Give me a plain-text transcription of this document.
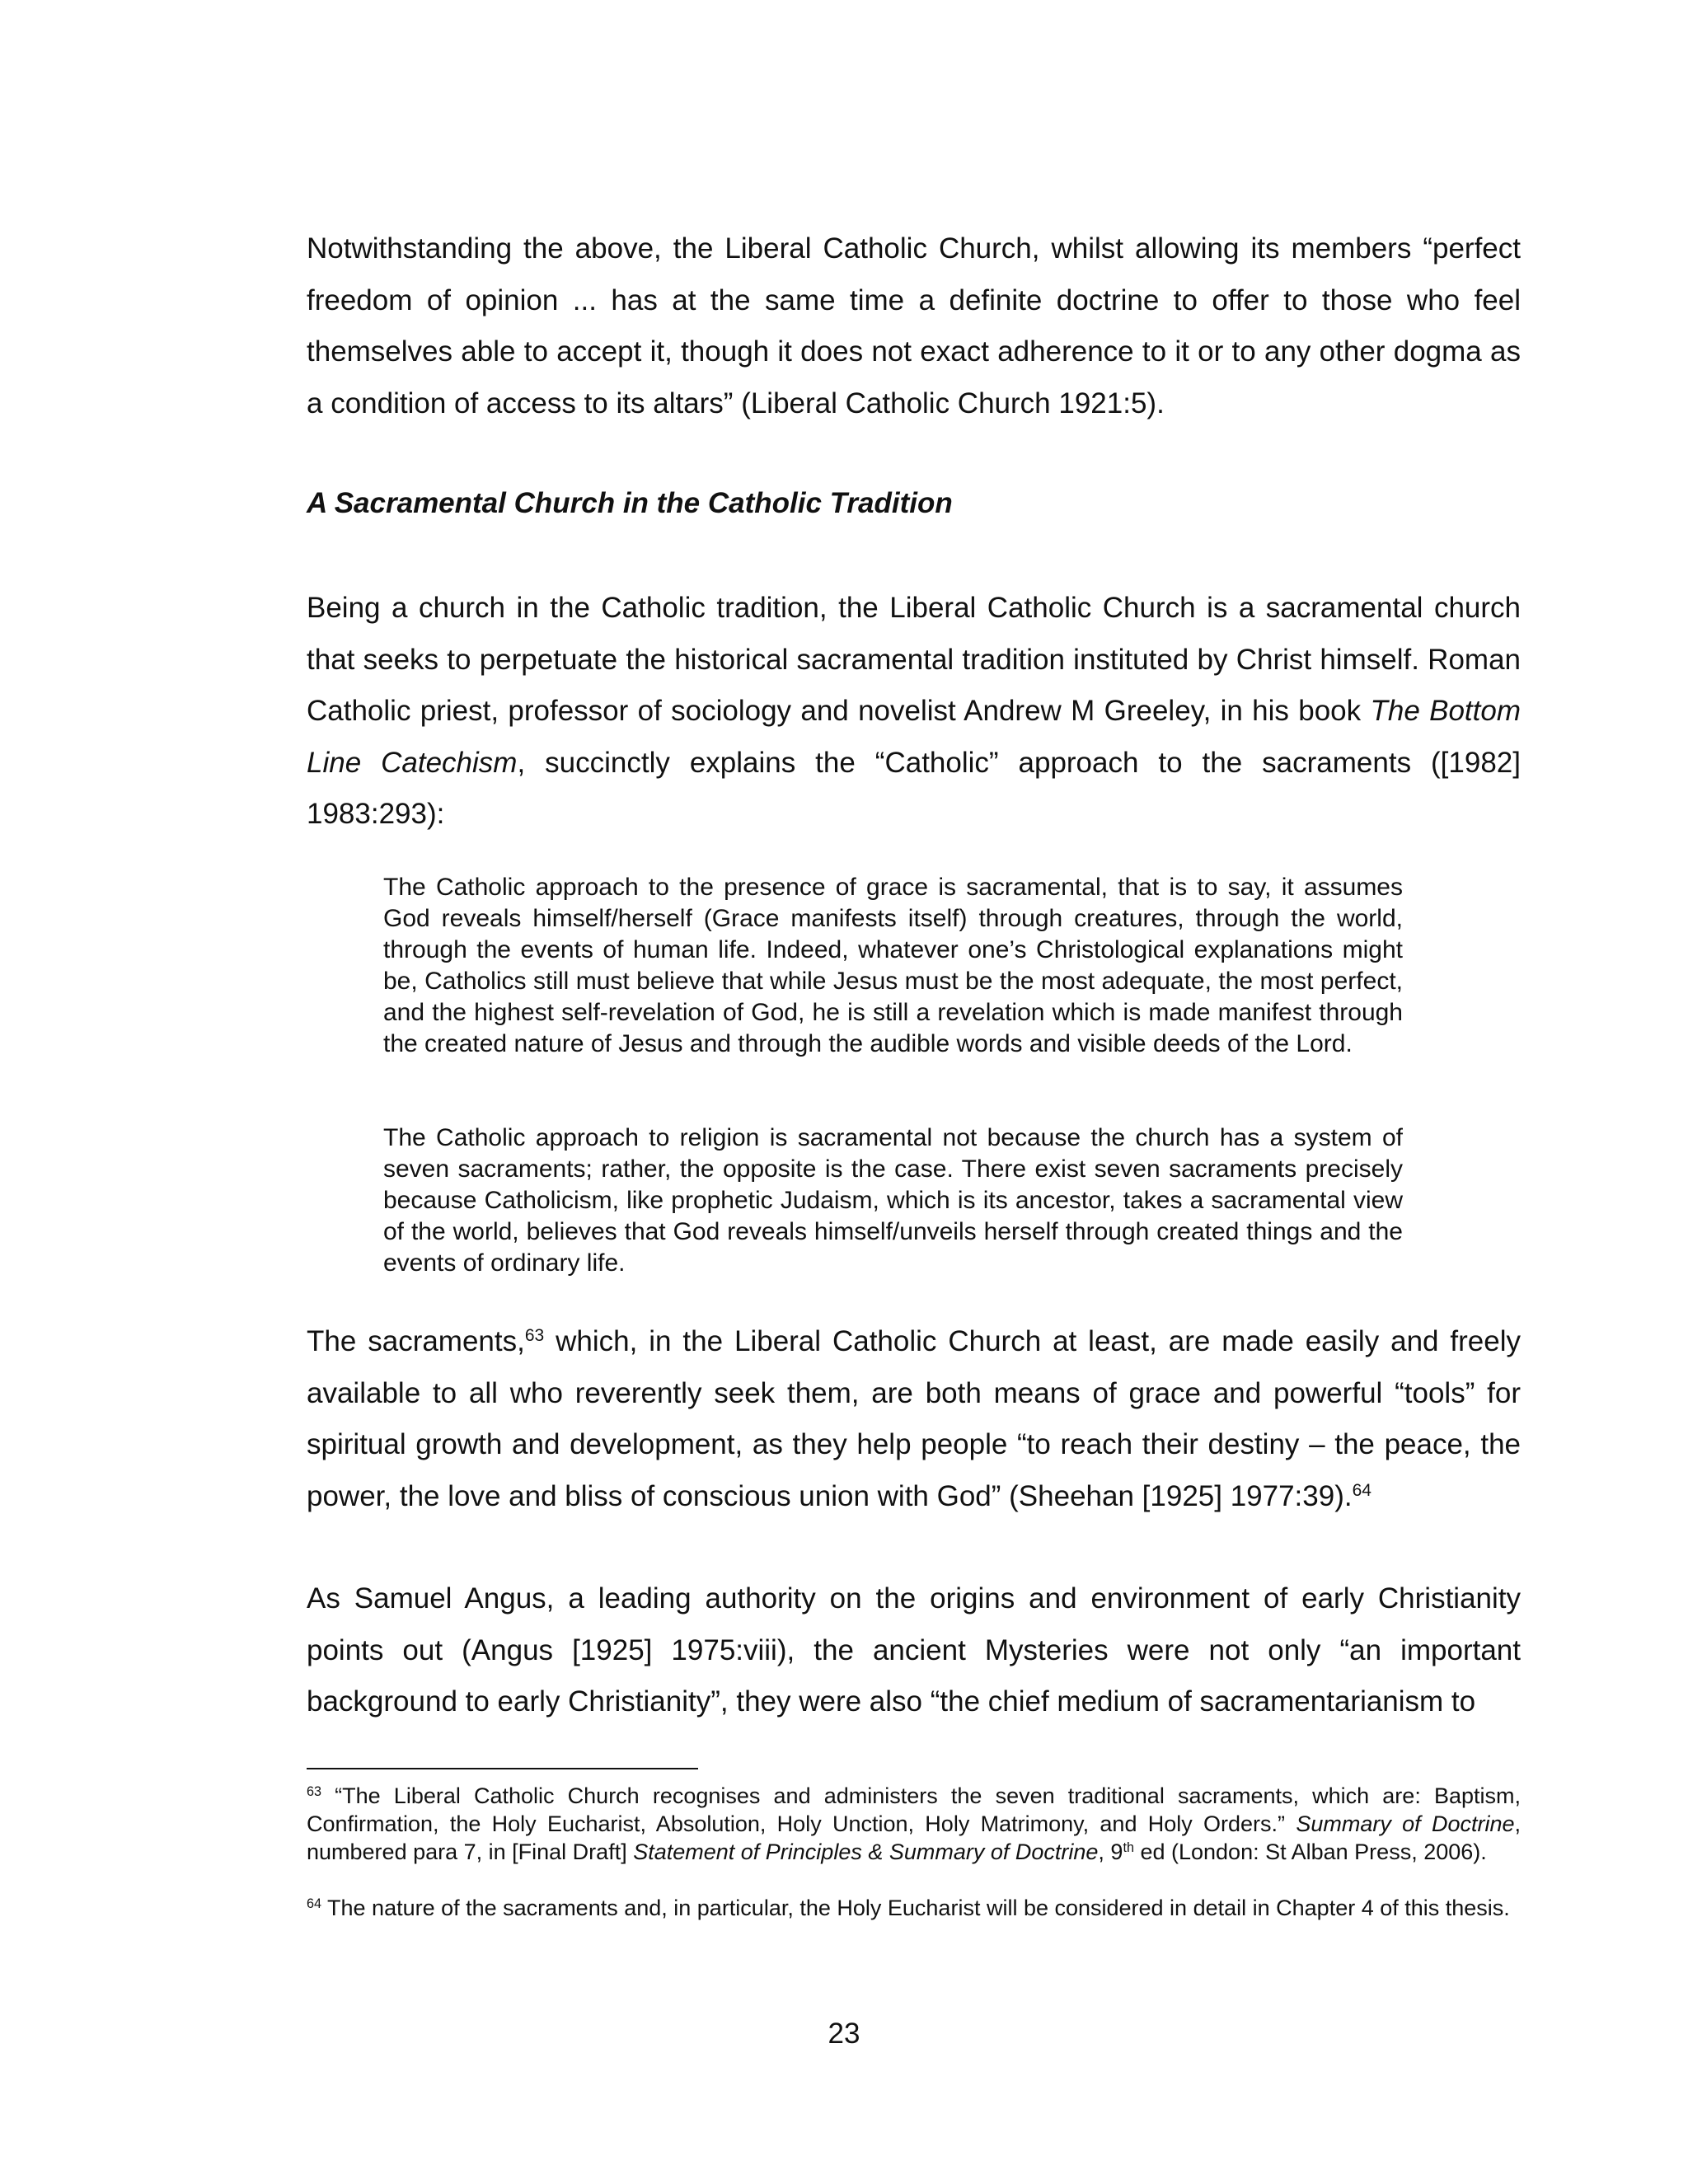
Notwithstanding the above, the Liberal Catholic Church, whilst allowing its members “perfect freedom of opinion ... has at the same time a definite doctrine to offer to those who feel themselves able to accept it, though it does not exact adherence to it or to any other dogma as a condition of access to its altars” (Liberal Catholic Church 1921:5).

A Sacramental Church in the Catholic Tradition

Being a church in the Catholic tradition, the Liberal Catholic Church is a sacramental church that seeks to perpetuate the historical sacramental tradition instituted by Christ himself. Roman Catholic priest, professor of sociology and novelist Andrew M Greeley, in his book The Bottom Line Catechism, succinctly explains the “Catholic” approach to the sacraments ([1982] 1983:293):

The Catholic approach to the presence of grace is sacramental, that is to say, it assumes God reveals himself/herself (Grace manifests itself) through creatures, through the world, through the events of human life. Indeed, whatever one’s Christological explanations might be, Catholics still must believe that while Jesus must be the most adequate, the most perfect, and the highest self-revelation of God, he is still a revelation which is made manifest through the created nature of Jesus and through the audible words and visible deeds of the Lord.

The Catholic approach to religion is sacramental not because the church has a system of seven sacraments; rather, the opposite is the case. There exist seven sacraments precisely because Catholicism, like prophetic Judaism, which is its ancestor, takes a sacramental view of the world, believes that God reveals himself/unveils herself through created things and the events of ordinary life.

The sacraments,$^{63}$ which, in the Liberal Catholic Church at least, are made easily and freely available to all who reverently seek them, are both means of grace and powerful “tools” for spiritual growth and development, as they help people “to reach their destiny – the peace, the power, the love and bliss of conscious union with God” (Sheehan [1925] 1977:39).$^{64}$

As Samuel Angus, a leading authority on the origins and environment of early Christianity points out (Angus [1925] 1975:viii), the ancient Mysteries were not only “an important background to early Christianity”, they were also “the chief medium of sacramentarianism to

$^{63}$ “The Liberal Catholic Church recognises and administers the seven traditional sacraments, which are: Baptism, Confirmation, the Holy Eucharist, Absolution, Holy Unction, Holy Matrimony, and Holy Orders.” Summary of Doctrine, numbered para 7, in [Final Draft] Statement of Principles & Summary of Doctrine, 9th ed (London: St Alban Press, 2006).

$^{64}$ The nature of the sacraments and, in particular, the Holy Eucharist will be considered in detail in Chapter 4 of this thesis.

23
